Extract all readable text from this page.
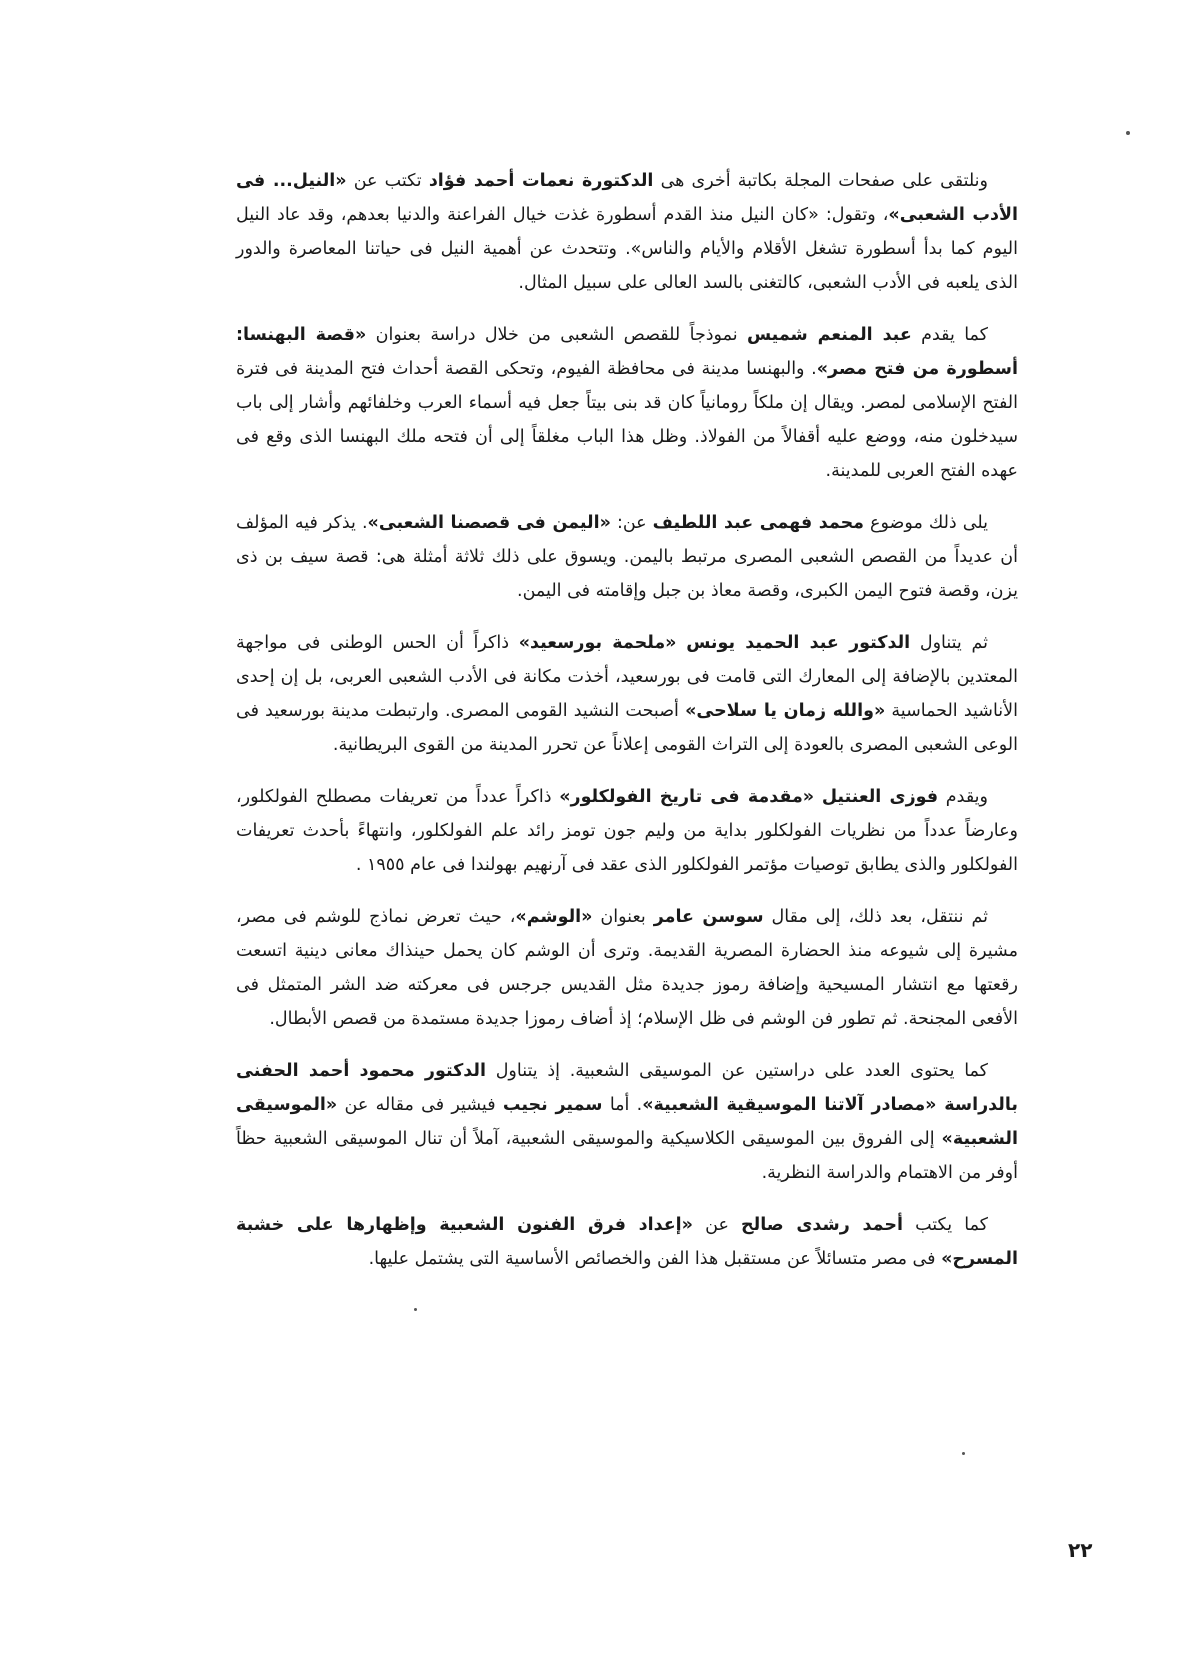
ونلتقى على صفحات المجلة بكاتبة أخرى هى الدكتورة نعمات أحمد فؤاد تكتب عن «النيل... فى الأدب الشعبى»، وتقول: «كان النيل منذ القدم أسطورة غذت خيال الفراعنة والدنيا بعدهم، وقد عاد النيل اليوم كما بدأ أسطورة تشغل الأقلام والأيام والناس». وتتحدث عن أهمية النيل فى حياتنا المعاصرة والدور الذى يلعبه فى الأدب الشعبى، كالتغنى بالسد العالى على سبيل المثال.

كما يقدم عبد المنعم شميس نموذجاً للقصص الشعبى من خلال دراسة بعنوان «قصة البهنسا: أسطورة من فتح مصر». والبهنسا مدينة فى محافظة الفيوم، وتحكى القصة أحداث فتح المدينة فى فترة الفتح الإسلامى لمصر. ويقال إن ملكاً رومانياً كان قد بنى بيتاً جعل فيه أسماء العرب وخلفائهم وأشار إلى باب سيدخلون منه، ووضع عليه أقفالاً من الفولاذ. وظل هذا الباب مغلقاً إلى أن فتحه ملك البهنسا الذى وقع فى عهده الفتح العربى للمدينة.

يلى ذلك موضوع محمد فهمى عبد اللطيف عن: «اليمن فى قصصنا الشعبى». يذكر فيه المؤلف أن عديداً من القصص الشعبى المصرى مرتبط باليمن. ويسوق على ذلك ثلاثة أمثلة هى: قصة سيف بن ذى يزن، وقصة فتوح اليمن الكبرى، وقصة معاذ بن جبل وإقامته فى اليمن.

ثم يتناول الدكتور عبد الحميد يونس «ملحمة بورسعيد» ذاكراً أن الحس الوطنى فى مواجهة المعتدين بالإضافة إلى المعارك التى قامت فى بورسعيد، أخذت مكانة فى الأدب الشعبى العربى، بل إن إحدى الأناشيد الحماسية «والله زمان يا سلاحى» أصبحت النشيد القومى المصرى. وارتبطت مدينة بورسعيد فى الوعى الشعبى المصرى بالعودة إلى التراث القومى إعلاناً عن تحرر المدينة من القوى البريطانية.

ويقدم فوزى العنتيل «مقدمة فى تاريخ الفولكلور» ذاكراً عدداً من تعريفات مصطلح الفولكلور، وعارضاً عدداً من نظريات الفولكلور بداية من وليم جون تومز رائد علم الفولكلور، وانتهاءً بأحدث تعريفات الفولكلور والذى يطابق توصيات مؤتمر الفولكلور الذى عقد فى آرنهيم بهولندا فى عام ١٩٥٥ .

ثم ننتقل، بعد ذلك، إلى مقال سوسن عامر بعنوان «الوشم»، حيث تعرض نماذج للوشم فى مصر، مشيرة إلى شيوعه منذ الحضارة المصرية القديمة. وترى أن الوشم كان يحمل حينذاك معانى دينية اتسعت رقعتها مع انتشار المسيحية وإضافة رموز جديدة مثل القديس جرجس فى معركته ضد الشر المتمثل فى الأفعى المجنحة. ثم تطور فن الوشم فى ظل الإسلام؛ إذ أضاف رموزا جديدة مستمدة من قصص الأبطال.

كما يحتوى العدد على دراستين عن الموسيقى الشعبية. إذ يتناول الدكتور محمود أحمد الحفنى بالدراسة «مصادر آلاتنا الموسيقية الشعبية». أما سمير نجيب فيشير فى مقاله عن «الموسيقى الشعبية» إلى الفروق بين الموسيقى الكلاسيكية والموسيقى الشعبية، آملاً أن تنال الموسيقى الشعبية حظاً أوفر من الاهتمام والدراسة النظرية.

كما يكتب أحمد رشدى صالح عن «إعداد فرق الفنون الشعبية وإظهارها على خشبة المسرح» فى مصر متسائلاً عن مستقبل هذا الفن والخصائص الأساسية التى يشتمل عليها.

٢٢
